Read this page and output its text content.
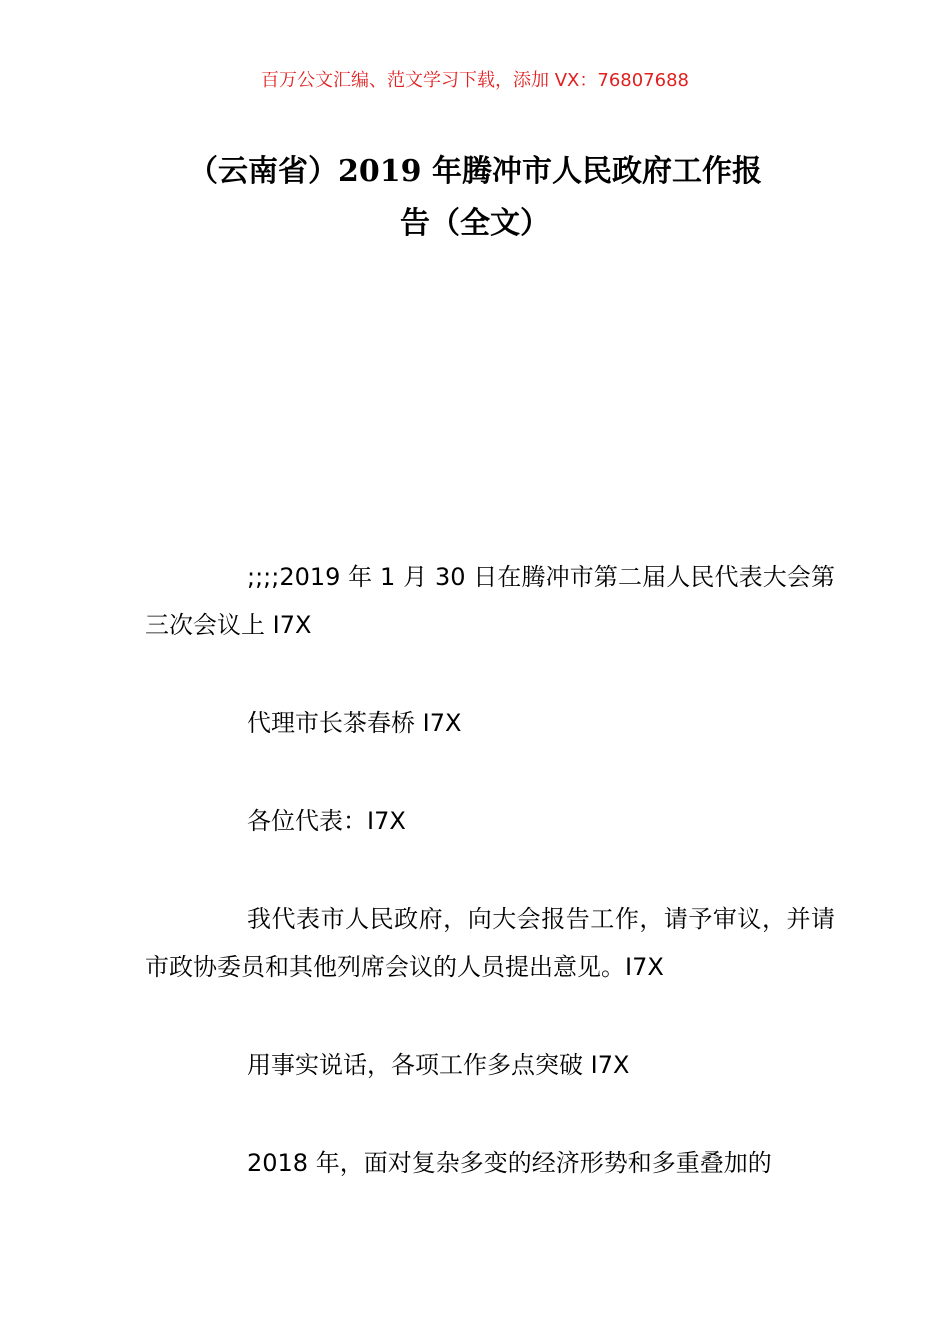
百万公文汇编、范文学习下载，添加 VX：76807688
（云南省）2019 年腾冲市人民政府工作报
告（全文）

;;;;2019 年 1 月 30 日在腾冲市第二届人民代表大会第三次会议上 I7X

代理市长茶春桥 I7X

各位代表：I7X

我代表市人民政府，向大会报告工作，请予审议，并请市政协委员和其他列席会议的人员提出意见。I7X

用事实说话，各项工作多点突破 I7X

2018 年，面对复杂多变的经济形势和多重叠加的
